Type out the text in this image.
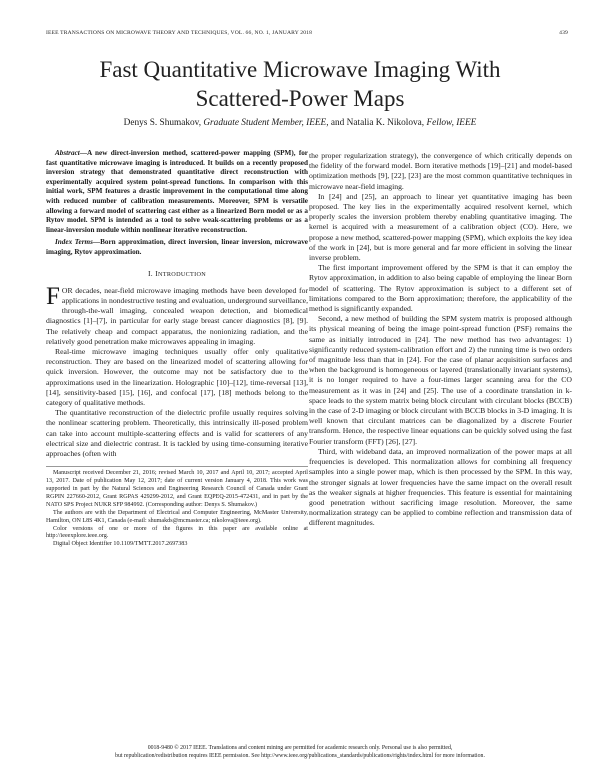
IEEE TRANSACTIONS ON MICROWAVE THEORY AND TECHNIQUES, VOL. 66, NO. 1, JANUARY 2018	439
Fast Quantitative Microwave Imaging With
Scattered-Power Maps
Denys S. Shumakov, Graduate Student Member, IEEE, and Natalia K. Nikolova, Fellow, IEEE

Abstract—A new direct-inversion method, scattered-power mapping (SPM), for fast quantitative microwave imaging is introduced. It builds on a recently proposed inversion strategy that demonstrated quantitative direct reconstruction with experimentally acquired system point-spread functions. In comparison with this initial work, SPM features a drastic improvement in the computational time along with reduced number of calibration measurements. Moreover, SPM is versatile allowing a forward model of scattering cast either as a linearized Born model or as a Rytov model. SPM is intended as a tool to solve weak-scattering problems or as a linear-inversion module within nonlinear iterative reconstruction.

Index Terms—Born approximation, direct inversion, linear inversion, microwave imaging, Rytov approximation.

I. INTRODUCTION

FOR decades, near-field microwave imaging methods have been developed for applications in nondestructive testing and evaluation, underground surveillance, through-the-wall imaging, concealed weapon detection, and biomedical diagnostics [1]–[7], in particular for early stage breast cancer diagnostics [8], [9]. The relatively cheap and compact apparatus, the nonionizing radiation, and the relatively good penetration make microwaves appealing in imaging.

Real-time microwave imaging techniques usually offer only qualitative reconstruction. They are based on the linearized model of scattering allowing for quick inversion. However, the outcome may not be satisfactory due to the approximations used in the linearization. Holographic [10]–[12], time-reversal [13], [14], sensitivity-based [15], [16], and confocal [17], [18] methods belong to the category of qualitative methods.

The quantitative reconstruction of the dielectric profile usually requires solving the nonlinear scattering problem. Theoretically, this intrinsically ill-posed problem can take into account multiple-scattering effects and is valid for scatterers of any electrical size and dielectric contrast. It is tackled by using time-consuming iterative approaches (often with

Manuscript received December 21, 2016; revised March 10, 2017 and April 10, 2017; accepted April 13, 2017. Date of publication May 12, 2017; date of current version January 4, 2018. This work was supported in part by the Natural Sciences and Engineering Research Council of Canada under Grant RGPIN 227660-2012, Grant RGPAS 429299-2012, and Grant EQPEQ-2015-472431, and in part by the NATO SPS Project NUKR SFP 984992. (Corresponding author: Denys S. Shumakov.)

The authors are with the Department of Electrical and Computer Engineering, McMaster University, Hamilton, ON L8S 4K1, Canada (e-mail: shumakds@mcmaster.ca; nikolova@ieee.org).

Color versions of one or more of the figures in this paper are available online at http://ieeexplore.ieee.org.

Digital Object Identifier 10.1109/TMTT.2017.2697383

the proper regularization strategy), the convergence of which critically depends on the fidelity of the forward model. Born iterative methods [19]–[21] and model-based optimization methods [9], [22], [23] are the most common quantitative techniques in microwave near-field imaging.

In [24] and [25], an approach to linear yet quantitative imaging has been proposed. The key lies in the experimentally acquired resolvent kernel, which properly scales the inversion problem thereby enabling quantitative imaging. The kernel is acquired with a measurement of a calibration object (CO). Here, we propose a new method, scattered-power mapping (SPM), which exploits the key idea of the work in [24], but is more general and far more efficient in solving the linear inverse problem.

The first important improvement offered by the SPM is that it can employ the Rytov approximation, in addition to also being capable of employing the linear Born model of scattering. The Rytov approximation is subject to a different set of limitations compared to the Born approximation; therefore, the applicability of the method is significantly expanded.

Second, a new method of building the SPM system matrix is proposed although its physical meaning of being the image point-spread function (PSF) remains the same as initially introduced in [24]. The new method has two advantages: 1) significantly reduced system-calibration effort and 2) the running time is two orders of magnitude less than that in [24]. For the case of planar acquisition surfaces and when the background is homogeneous or layered (translationally invariant systems), it is no longer required to have a four-times larger scanning area for the CO measurement as it was in [24] and [25]. The use of a coordinate translation in k-space leads to the system matrix being block circulant with circulant blocks (BCCB) in the case of 2-D imaging or block circulant with BCCB blocks in 3-D imaging. It is well known that circulant matrices can be diagonalized by a discrete Fourier transform. Hence, the respective linear equations can be quickly solved using the fast Fourier transform (FFT) [26], [27].

Third, with wideband data, an improved normalization of the power maps at all frequencies is developed. This normalization allows for combining all frequency samples into a single power map, which is then processed by the SPM. In this way, the stronger signals at lower frequencies have the same impact on the overall result as the weaker signals at higher frequencies. This feature is essential for maintaining good penetration without sacrificing image resolution. Moreover, the same normalization strategy can be applied to combine reflection and transmission data of different magnitudes.

0018-9480 © 2017 IEEE. Translations and content mining are permitted for academic research only. Personal use is also permitted,
but republication/redistribution requires IEEE permission. See http://www.ieee.org/publications_standards/publications/rights/index.html for more information.
